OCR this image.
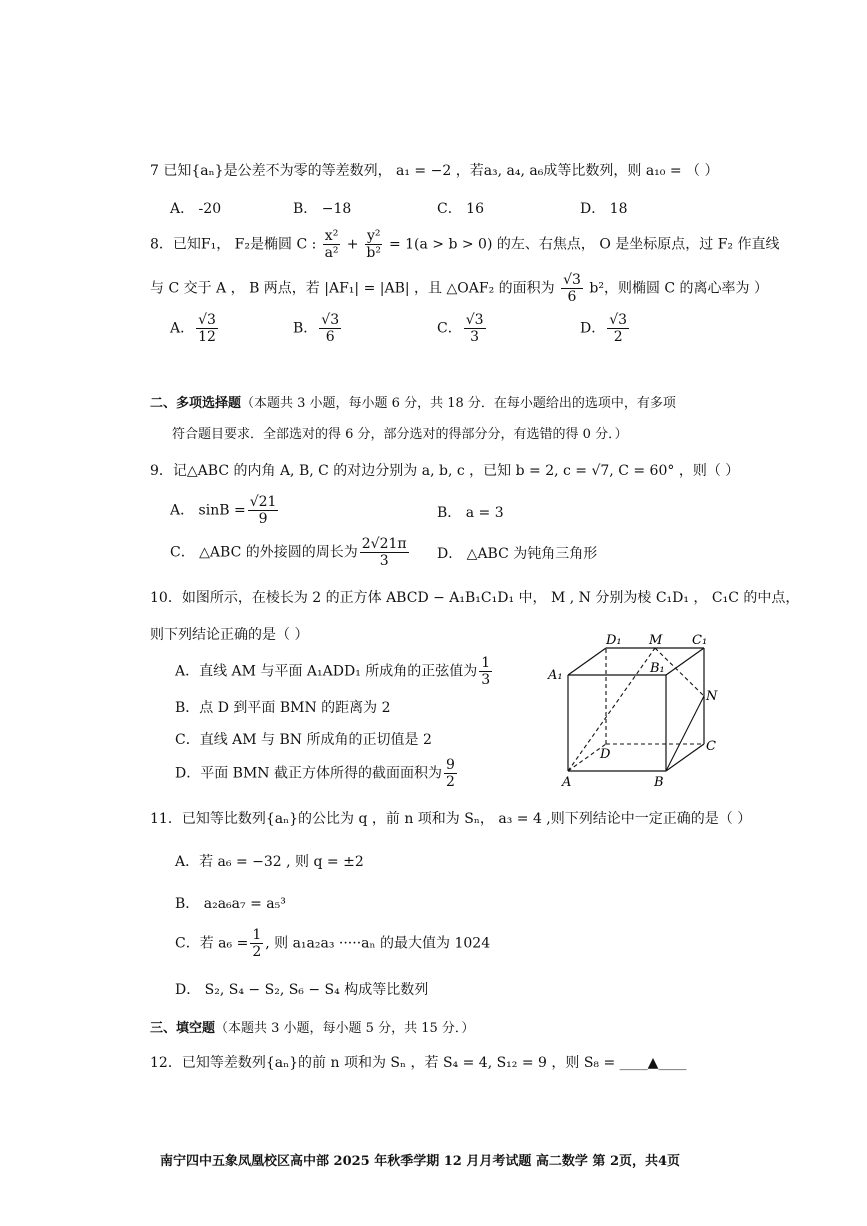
7 已知{aₙ}是公差不为零的等差数列， a₁ = −2 ，若a₃, a₄, a₆成等比数列，则 a₁₀ = （ ）
A． -20	B． −18	C． 16	D． 18
8．已知F₁， F₂是椭圆 C : $\frac{\text{x²}}{\text{a²}} + \frac{\text{y²}}{\text{b²}} = 1(a > b > 0)$ 的左、右焦点， O 是坐标原点，过 F₂ 作直线
与 C 交于 A ， B 两点，若 |AF₁| = |AB| ，且 △OAF₂ 的面积为 $\frac{√3}{6} b^2$，则椭圆 C 的离心率为 ）
A． $\frac{√3}{12}$	B． $\frac{√3}{6}$	C． $\frac{√3}{3}$	D． $\frac{√3}{2}$
二、多项选择题（本题共 3 小题，每小题 6 分，共 18 分．在每小题给出的选项中，有多项
符合题目要求．全部选对的得 6 分，部分选对的得部分分，有选错的得 0 分．）
9．记△ABC 的内角 A, B, C 的对边分别为 a, b, c ，已知 b = 2, c = √7, C = 60° ，则（ ）
A． $\sin B = \frac{√21}{9}$	B． a = 3
C． △ABC 的外接圆的周长为 $\frac{2√21\pi}{3}$ D． △ABC 为钝角三角形
10．如图所示，在棱长为 2 的正方体 ABCD − A₁B₁C₁D₁ 中， M , N 分别为棱 C₁D₁ ， C₁C 的中点，
则下列结论正确的是（ ）
A．直线 AM 与平面 A₁ADD₁ 所成角的正弦值为 $\frac{1}{3}$
B．点 D 到平面 BMN 的距离为 2
C．直线 AM 与 BN 所成角的正切值是 2
D．平面 BMN 截正方体所得的截面面积为 $\frac{9}{2}$
D₁ M C₁
A₁	B₁
N
D
C
A	B
11．已知等比数列{aₙ}的公比为 q ，前 n 项和为 Sₙ， a₃ = 4 ,则下列结论中一定正确的是（ ）
A．若 a₆ = −32 , 则 q = ±2
B． a₂a₆a₇ = a₅³
C．若 $a_6 = \frac{1}{2}$ , 则 a₁a₂a₃ ·····aₙ 的最大值为 1024
D． S₂, S₄ − S₂, S₆ − S₄ 构成等比数列
三、填空题（本题共 3 小题，每小题 5 分，共 15 分．）
12．已知等差数列{aₙ}的前 n 项和为 Sₙ ，若 S₄ = 4, S₁₂ = 9 ，则 S₈ = ____▲____
南宁四中五象凤凰校区高中部 2025 年秋季学期 12 月月考试题 高二数学 第 2页，共4页
